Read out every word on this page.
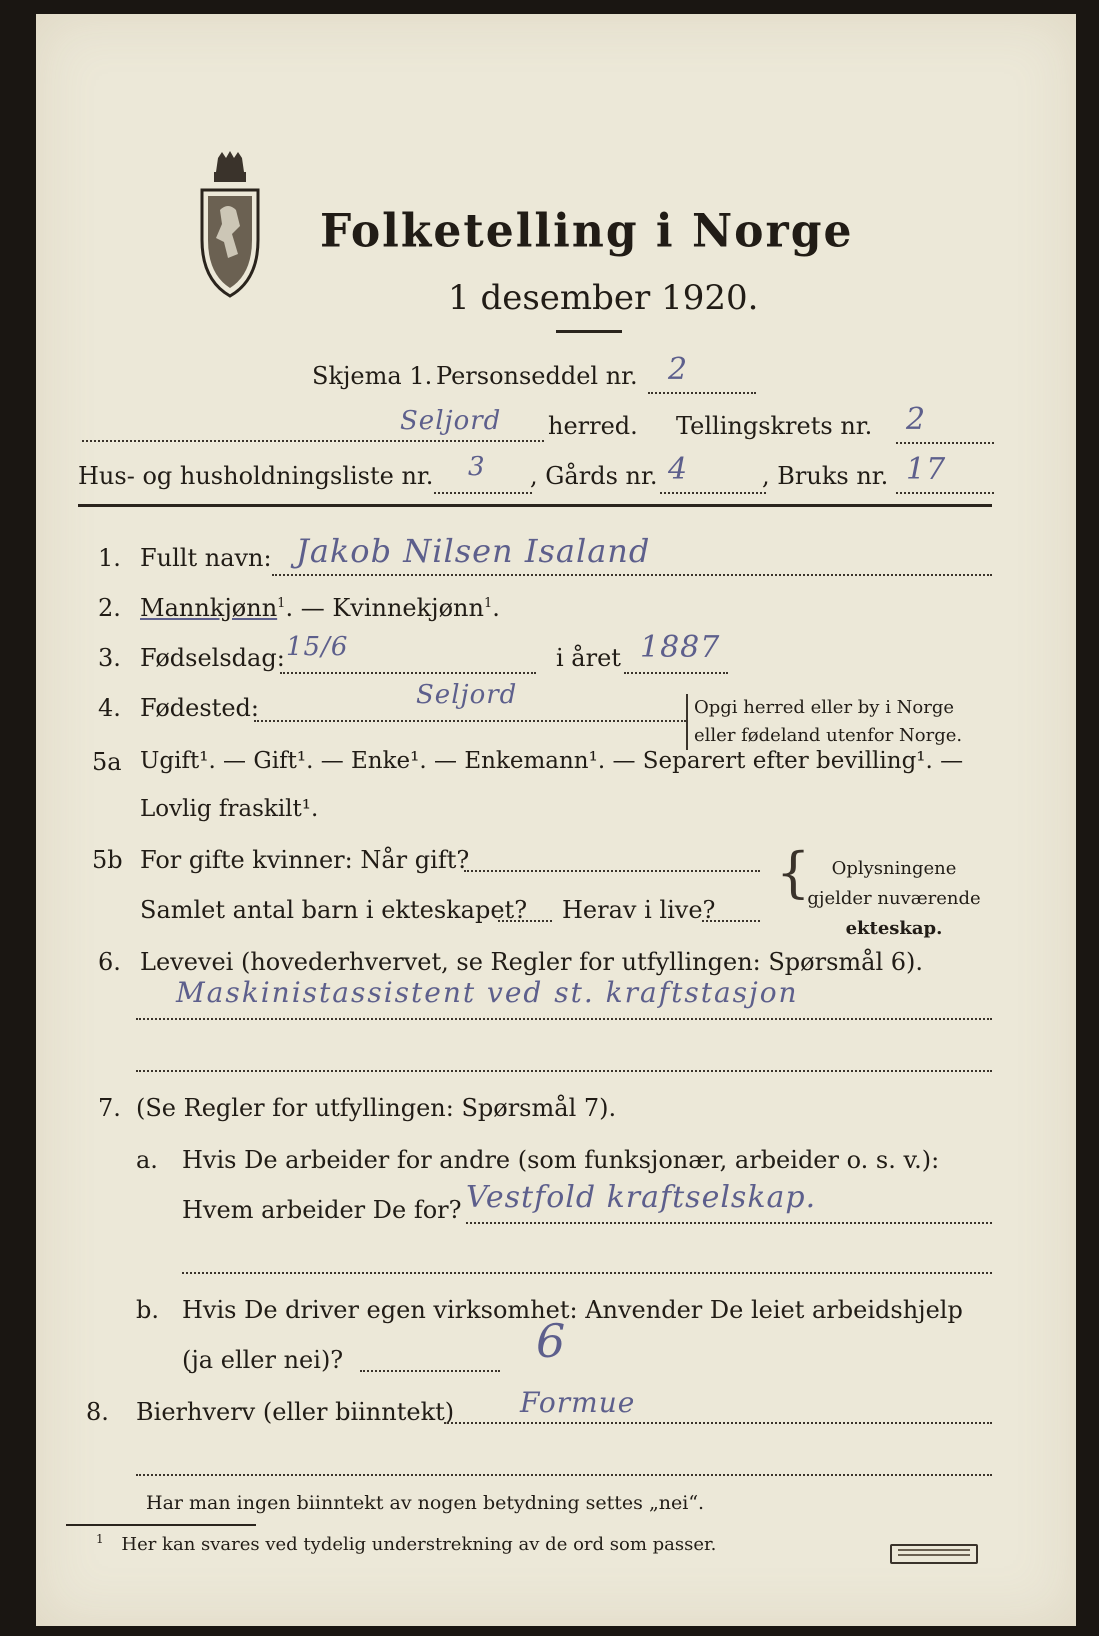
Folketelling i Norge
1 desember 1920.
Skjema 1. Personseddel nr. 2
Seljord herred. Tellingskrets nr. 2
Hus- og husholdningsliste nr. 3 , Gårds nr. 4	, Bruks nr. 17
1. Fullt navn: Jakob Nilsen Isaland
2. Mannkjønn$^1$. — Kvinnekjønn$^1$.
3. Fødselsdag: 15/6	i året 1887
4. Fødested:	Seljord	Opgi herred eller by i Norge
eller fødeland utenfor Norge.
5a Ugift¹. — Gift¹. — Enke¹. — Enkemann¹. — Separert efter bevilling¹. —
Lovlig fraskilt¹.
5b For gifte kvinner: Når gift?
Samlet antal barn i ekteskapet? Herav i live?
{	Oplysningene
gjelder nuværende
ekteskap.
6. Levevei (hovederhvervet, se Regler for utfyllingen: Spørsmål 6).
Maskinistassistent ved st. kraftstasjon
7. (Se Regler for utfyllingen: Spørsmål 7).
a. Hvis De arbeider for andre (som funksjonær, arbeider o. s. v.):
Hvem arbeider De for? Vestfold kraftselskap.
b. Hvis De driver egen virksomhet: Anvender De leiet arbeidshjelp
(ja eller nei)?	6
8. Bierhverv (eller biinntekt) Formue
Har man ingen biinntekt av nogen betydning settes „nei“.
$^1$ Her kan svares ved tydelig understrekning av de ord som passer.
